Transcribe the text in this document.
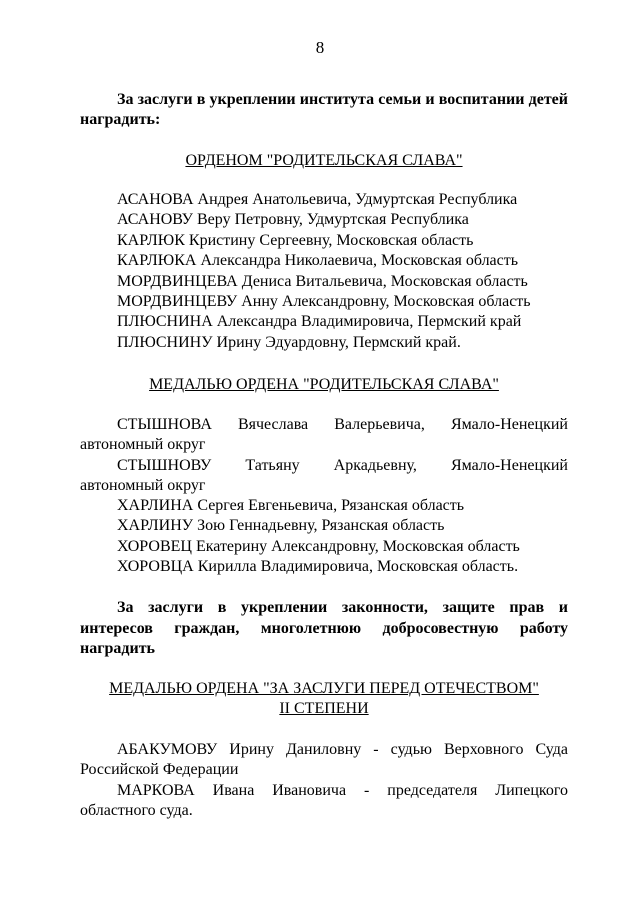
8
За заслуги в укреплении института семьи и воспитании детей наградить:
ОРДЕНОМ "РОДИТЕЛЬСКАЯ СЛАВА"
АСАНОВА Андрея Анатольевича, Удмуртская Республика
АСАНОВУ Веру Петровну, Удмуртская Республика
КАРЛЮК Кристину Сергеевну, Московская область
КАРЛЮКА Александра Николаевича, Московская область
МОРДВИНЦЕВА Дениса Витальевича, Московская область
МОРДВИНЦЕВУ Анну Александровну, Московская область
ПЛЮСНИНА Александра Владимировича, Пермский край
ПЛЮСНИНУ Ирину Эдуардовну, Пермский край.
МЕДАЛЬЮ ОРДЕНА "РОДИТЕЛЬСКАЯ СЛАВА"
СТЫШНОВА Вячеслава Валерьевича, Ямало-Ненецкий
автономный округ
СТЫШНОВУ Татьяну Аркадьевну, Ямало-Ненецкий
автономный округ
ХАРЛИНА Сергея Евгеньевича, Рязанская область
ХАРЛИНУ Зою Геннадьевну, Рязанская область
ХОРОВЕЦ Екатерину Александровну, Московская область
ХОРОВЦА Кирилла Владимировича, Московская область.
За заслуги в укреплении законности, защите прав и интересов граждан, многолетнюю добросовестную работу наградить
МЕДАЛЬЮ ОРДЕНА "ЗА ЗАСЛУГИ ПЕРЕД ОТЕЧЕСТВОМ"
II СТЕПЕНИ
АБАКУМОВУ Ирину Даниловну - судью Верховного Суда Российской Федерации
МАРКОВА Ивана Ивановича - председателя Липецкого областного суда.
